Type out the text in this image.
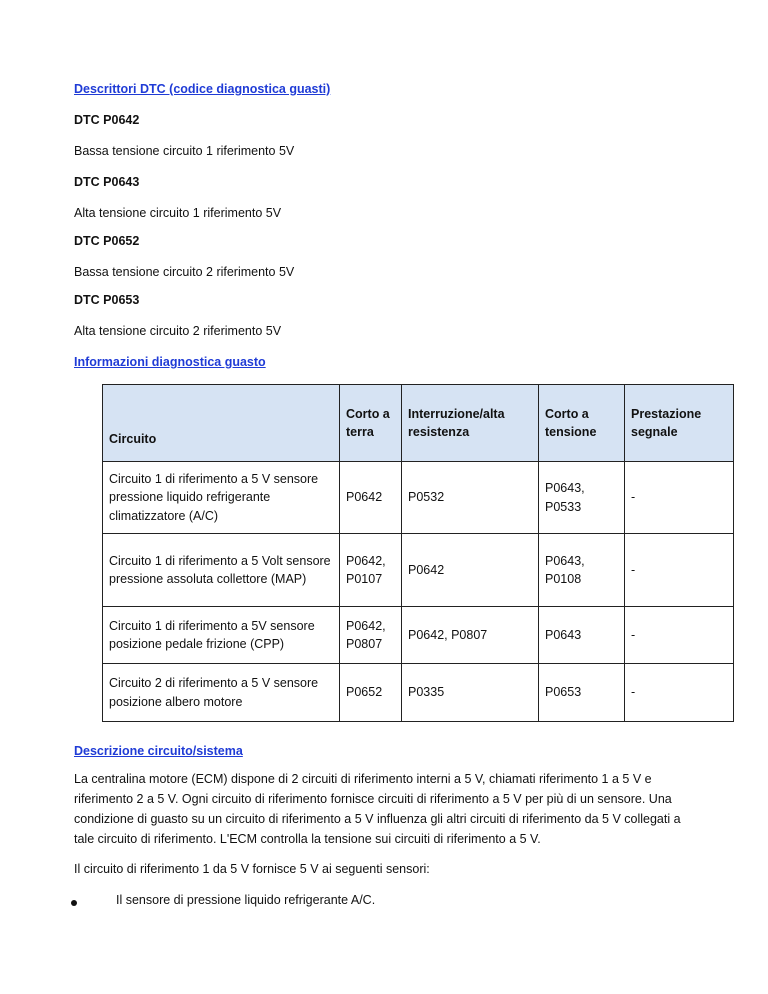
Descrittori DTC (codice diagnostica guasti)
DTC P0642
Bassa tensione circuito 1 riferimento 5V
DTC P0643
Alta tensione circuito 1 riferimento 5V
DTC P0652
Bassa tensione circuito 2 riferimento 5V
DTC P0653
Alta tensione circuito 2 riferimento 5V
Informazioni diagnostica guasto
Circuito	Corto a terra	Interruzione/alta resistenza	Corto a tensione	Prestazione segnale
Circuito 1 di riferimento a 5 V sensore pressione liquido refrigerante climatizzatore (A/C)	P0642	P0532	P0643, P0533	-
Circuito 1 di riferimento a 5 Volt sensore pressione assoluta collettore (MAP)	P0642, P0107	P0642	P0643, P0108	-
Circuito 1 di riferimento a 5V sensore posizione pedale frizione (CPP)	P0642, P0807	P0642, P0807	P0643	-
Circuito 2 di riferimento a 5 V sensore posizione albero motore	P0652	P0335	P0653	-
Descrizione circuito/sistema
La centralina motore (ECM) dispone di 2 circuiti di riferimento interni a 5 V, chiamati riferimento 1 a 5 V e riferimento 2 a 5 V. Ogni circuito di riferimento fornisce circuiti di riferimento a 5 V per più di un sensore. Una condizione di guasto su un circuito di riferimento a 5 V influenza gli altri circuiti di riferimento da 5 V collegati a tale circuito di riferimento. L'ECM controlla la tensione sui circuiti di riferimento a 5 V.
Il circuito di riferimento 1 da 5 V fornisce 5 V ai seguenti sensori:
Il sensore di pressione liquido refrigerante A/C.
